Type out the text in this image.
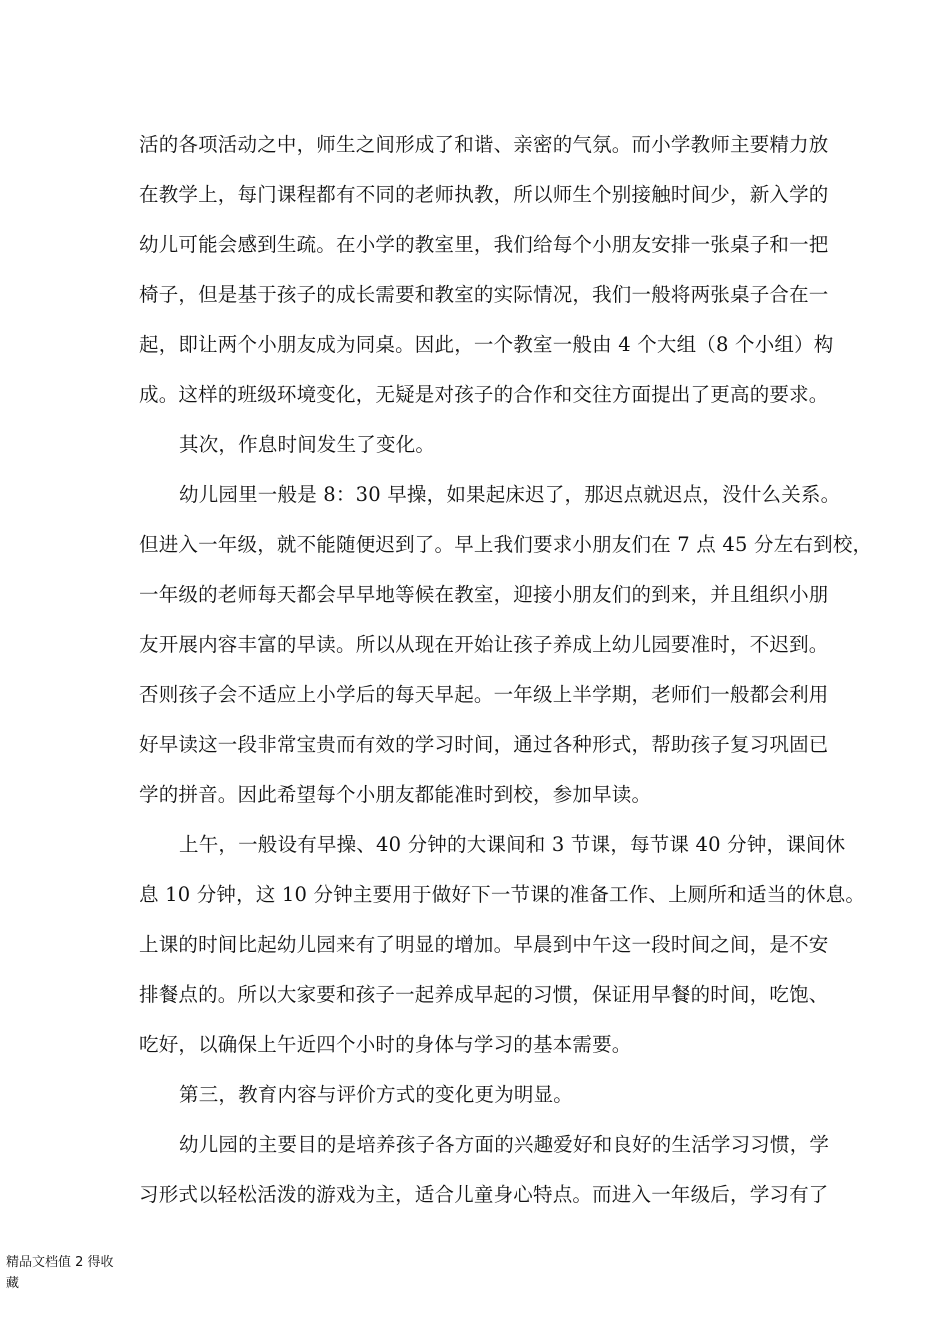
活的各项活动之中，师生之间形成了和谐、亲密的气氛。而小学教师主要精力放
在教学上，每门课程都有不同的老师执教，所以师生个别接触时间少，新入学的
幼儿可能会感到生疏。在小学的教室里，我们给每个小朋友安排一张桌子和一把
椅子，但是基于孩子的成长需要和教室的实际情况，我们一般将两张桌子合在一
起，即让两个小朋友成为同桌。因此，一个教室一般由 4 个大组（8 个小组）构
成。这样的班级环境变化，无疑是对孩子的合作和交往方面提出了更高的要求。
其次，作息时间发生了变化。
幼儿园里一般是 8：30 早操，如果起床迟了，那迟点就迟点，没什么关系。
但进入一年级，就不能随便迟到了。早上我们要求小朋友们在 7 点 45 分左右到校，
一年级的老师每天都会早早地等候在教室，迎接小朋友们的到来，并且组织小朋
友开展内容丰富的早读。所以从现在开始让孩子养成上幼儿园要准时，不迟到。
否则孩子会不适应上小学后的每天早起。一年级上半学期，老师们一般都会利用
好早读这一段非常宝贵而有效的学习时间，通过各种形式，帮助孩子复习巩固已
学的拼音。因此希望每个小朋友都能准时到校，参加早读。
上午，一般设有早操、40 分钟的大课间和 3 节课，每节课 40 分钟，课间休
息 10 分钟，这 10 分钟主要用于做好下一节课的准备工作、上厕所和适当的休息。
上课的时间比起幼儿园来有了明显的增加。早晨到中午这一段时间之间，是不安
排餐点的。所以大家要和孩子一起养成早起的习惯，保证用早餐的时间，吃饱、
吃好，以确保上午近四个小时的身体与学习的基本需要。
第三，教育内容与评价方式的变化更为明显。
幼儿园的主要目的是培养孩子各方面的兴趣爱好和良好的生活学习习惯，学
习形式以轻松活泼的游戏为主，适合儿童身心特点。而进入一年级后，学习有了
精品文档值 2 得收藏
